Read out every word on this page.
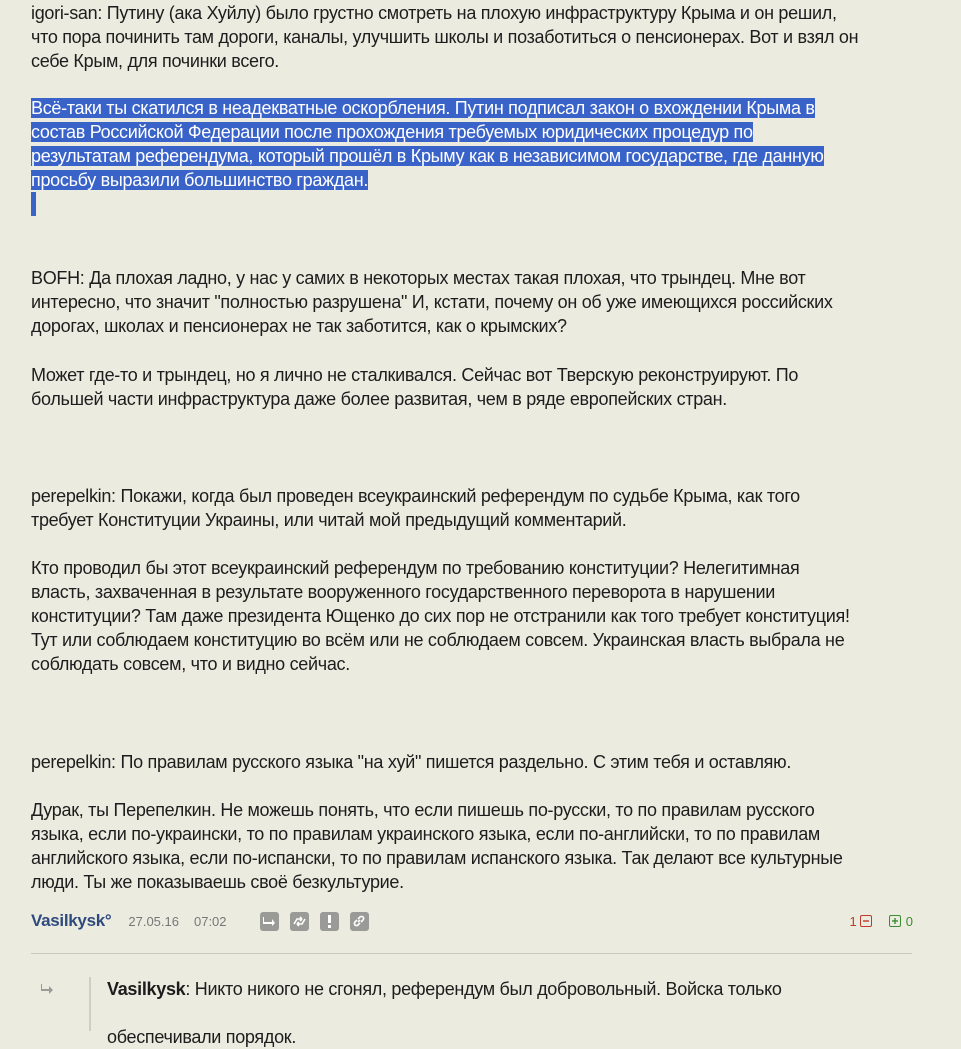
igori-san: Путину (ака Хуйлу) было грустно смотреть на плохую инфраструктуру Крыма и он решил,
что пора починить там дороги, каналы, улучшить школы и позаботиться о пенсионерах. Вот и взял он
себе Крым, для починки всего.

Всё-таки ты скатился в неадекватные оскорбления. Путин подписал закон о вхождении Крыма в
состав Российской Федерации после прохождения требуемых юридических процедур по
результатам референдума, который прошёл в Крыму как в независимом государстве, где данную
просьбу выразили большинство граждан.

BOFH: Да плохая ладно, у нас у самих в некоторых местах такая плохая, что трындец. Мне вот
интересно, что значит "полностью разрушена" И, кстати, почему он об уже имеющихся российских
дорогах, школах и пенсионерах не так заботится, как о крымских?

Может где-то и трындец, но я лично не сталкивался. Сейчас вот Тверскую реконструируют. По
большей части инфраструктура даже более развитая, чем в ряде европейских стран.

perepelkin: Покажи, когда был проведен всеукраинский референдум по судьбе Крыма, как того
требует Конституции Украины, или читай мой предыдущий комментарий.

Кто проводил бы этот всеукраинский референдум по требованию конституции? Нелегитимная
власть, захваченная в результате вооруженного государственного переворота в нарушении
конституции? Там даже президента Ющенко до сих пор не отстранили как того требует конституция!
Тут или соблюдаем конституцию во всём или не соблюдаем совсем. Украинская власть выбрала не
соблюдать совсем, что и видно сейчас.

perepelkin: По правилам русского языка "на хуй" пишется раздельно. С этим тебя и оставляю.

Дурак, ты Перепелкин. Не можешь понять, что если пишешь по-русски, то по правилам русского
языка, если по-украински, то по правилам украинского языка, если по-английски, то по правилам
английского языка, если по-испански, то по правилам испанского языка. Так делают все культурные
люди. Ты же показываешь своё безкультурие.

Vasilkysk° 27.05.16 07:02	1	0
Vasilkysk: Никто никого не сгонял, референдум был добровольный. Войска только

обеспечивали порядок.
